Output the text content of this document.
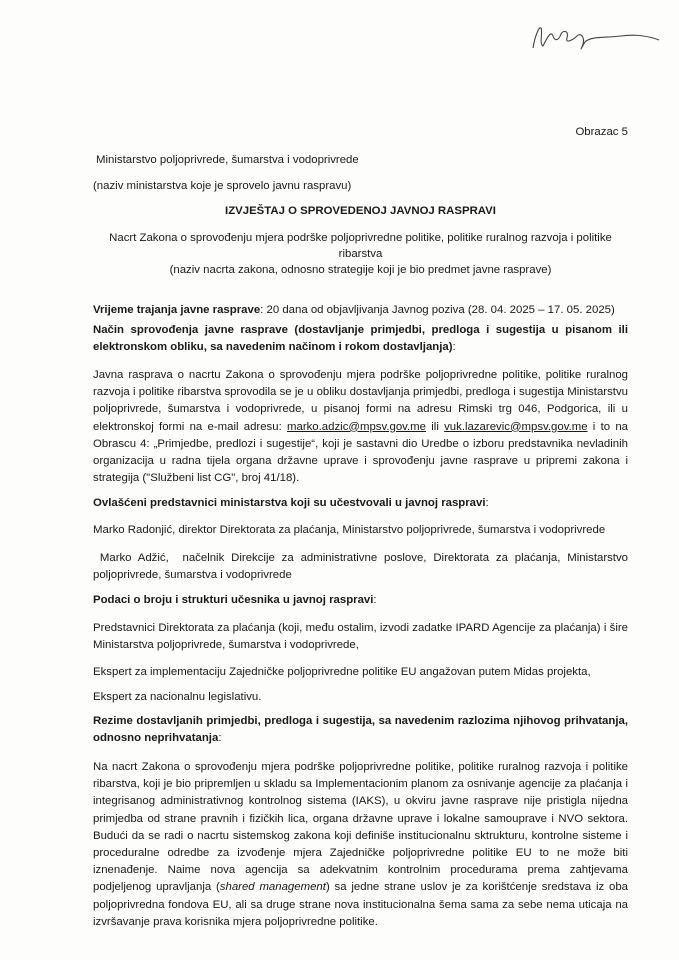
Obrazac 5

Ministarstvo poljoprivrede, šumarstva i vodoprivrede

(naziv ministarstva koje je sprovelo javnu raspravu)

IZVJEŠTAJ O SPROVEDENOJ JAVNOJ RASPRAVI

Nacrt Zakona o sprovođenju mjera podrške poljoprivredne politike, politike ruralnog razvoja i politike ribarstva

(naziv nacrta zakona, odnosno strategije koji je bio predmet javne rasprave)

Vrijeme trajanja javne rasprave: 20 dana od objavljivanja Javnog poziva (28. 04. 2025 – 17. 05. 2025)

Način sprovođenja javne rasprave (dostavljanje primjedbi, predloga i sugestija u pisanom ili elektronskom obliku, sa navedenim načinom i rokom dostavljanja):

Javna rasprava o nacrtu Zakona o sprovođenju mjera podrške poljoprivredne politike, politike ruralnog razvoja i politike ribarstva sprovodila se je u obliku dostavljanja primjedbi, predloga i sugestija Ministarstvu poljoprivrede, šumarstva i vodoprivrede, u pisanoj formi na adresu Rimski trg 046, Podgorica, ili u elektronskoj formi na e-mail adresu: marko.adzic@mpsv.gov.me ili vuk.lazarevic@mpsv.gov.me i to na Obrascu 4: „Primjedbe, predlozi i sugestije“, koji je sastavni dio Uredbe o izboru predstavnika nevladinih organizacija u radna tijela organa državne uprave i sprovođenju javne rasprave u pripremi zakona i strategija ("Službeni list CG", broj 41/18).

Ovlašćeni predstavnici ministarstva koji su učestvovali u javnoj raspravi:

Marko Radonjić, direktor Direktorata za plaćanja, Ministarstvo poljoprivrede, šumarstva i vodoprivrede

Marko Adžić,  načelnik Direkcije za administrativne poslove, Direktorata za plaćanja, Ministarstvo poljoprivrede, šumarstva i vodoprivrede

Podaci o broju i strukturi učesnika u javnoj raspravi:

Predstavnici Direktorata za plaćanja (koji, među ostalim, izvodi zadatke IPARD Agencije za plaćanja) i šire Ministarstva poljoprivrede, šumarstva i vodoprivrede,

Ekspert za implementaciju Zajedničke poljoprivredne politike EU angažovan putem Midas projekta,

Ekspert za nacionalnu legislativu.

Rezime dostavljanih primjedbi, predloga i sugestija, sa navedenim razlozima njihovog prihvatanja, odnosno neprihvatanja:

Na nacrt Zakona o sprovođenju mjera podrške poljoprivredne politike, politike ruralnog razvoja i politike ribarstva, koji je bio pripremljen u skladu sa Implementacionim planom za osnivanje agencije za plaćanja i integrisanog administrativnog kontrolnog sistema (IAKS), u okviru javne rasprave nije pristigla nijedna primjedba od strane pravnih i fizičkih lica, organa državne uprave i lokalne samouprave i NVO sektora. Budući da se radi o nacrtu sistemskog zakona koji definiše institucionalnu sktrukturu, kontrolne sisteme i proceduralne odredbe za izvođenje mjera Zajedničke poljoprivredne politike EU to ne može biti iznenađenje. Naime nova agencija sa adekvatnim kontrolnim procedurama prema zahtjevama podjeljenog upravljanja (shared management) sa jedne strane uslov je za korištćenje sredstava iz oba poljoprivredna fondova EU, ali sa druge strane nova institucionalna šema sama za sebe nema uticaja na izvršavanje prava korisnika mjera poljoprivredne politike.
